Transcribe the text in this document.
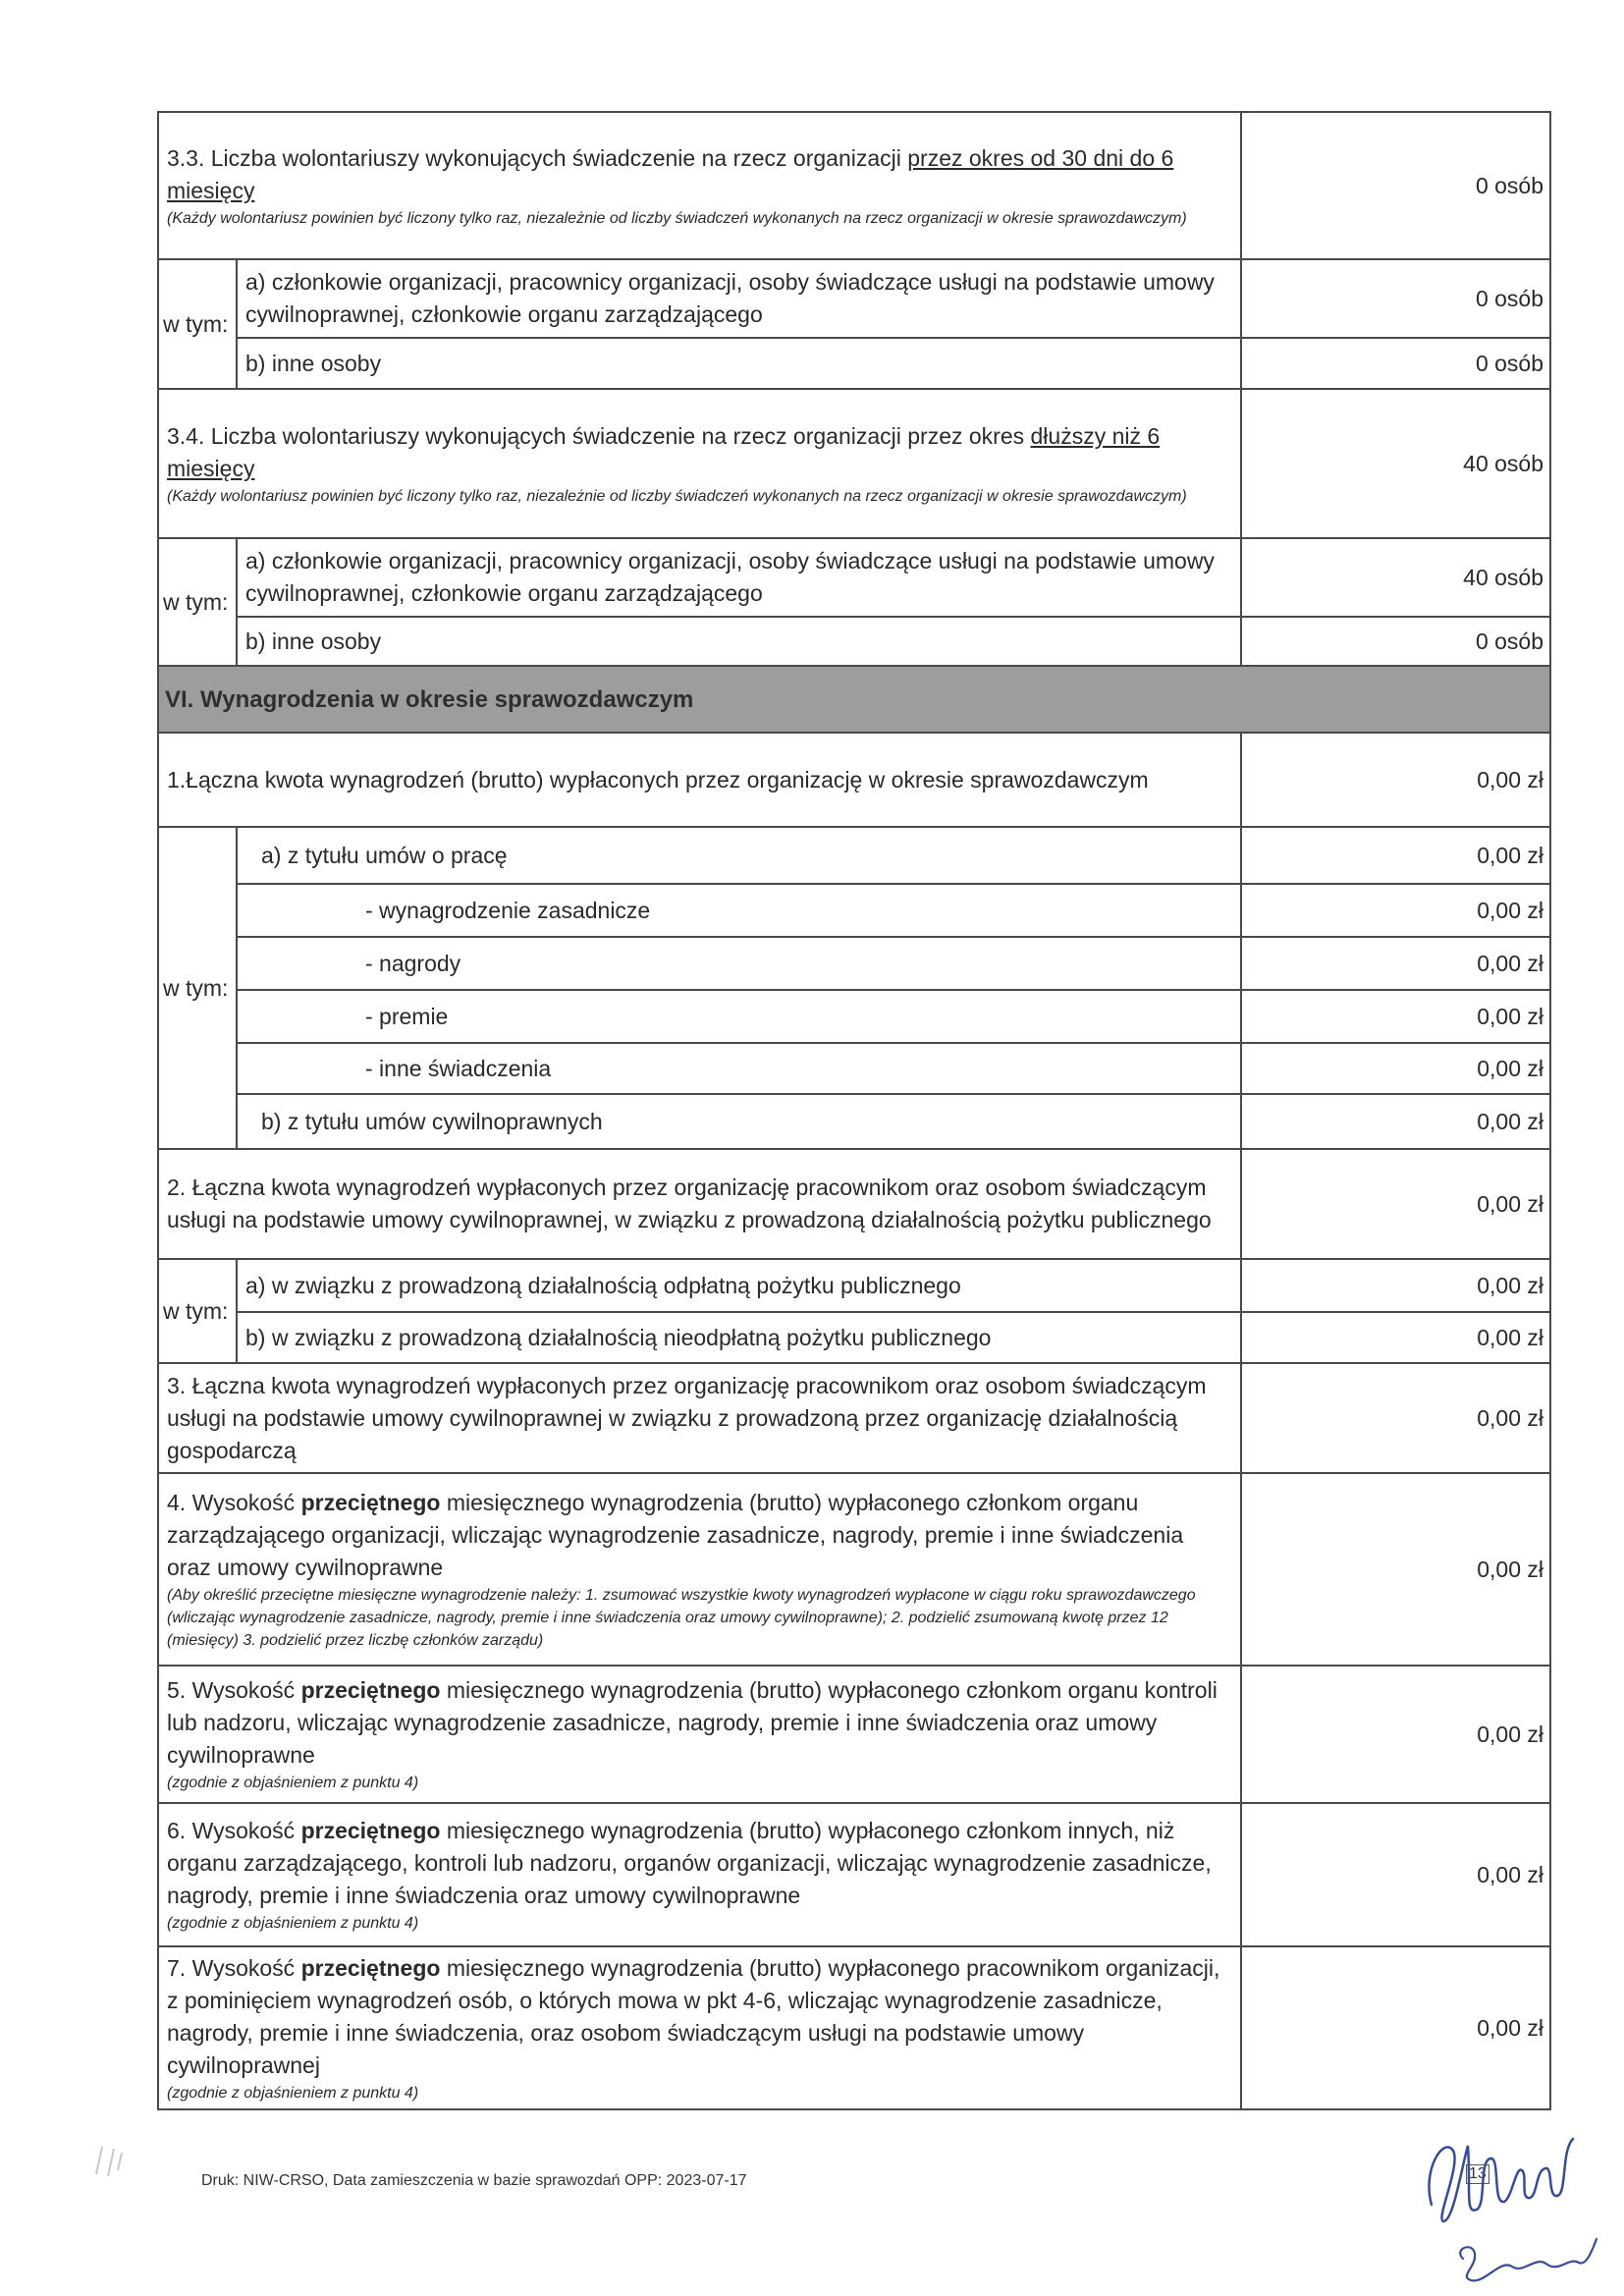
3.3. Liczba wolontariuszy wykonujących świadczenie na rzecz organizacji przez okres od 30 dni do 6 miesięcy
(Każdy wolontariusz powinien być liczony tylko raz, niezależnie od liczby świadczeń wykonanych na rzecz organizacji w okresie sprawozdawczym)		0 osób
w tym:	a) członkowie organizacji, pracownicy organizacji, osoby świadczące usługi na podstawie umowy cywilnoprawnej, członkowie organu zarządzającego	0 osób
	b) inne osoby	0 osób
3.4. Liczba wolontariuszy wykonujących świadczenie na rzecz organizacji przez okres dłuższy niż 6 miesięcy
(Każdy wolontariusz powinien być liczony tylko raz, niezależnie od liczby świadczeń wykonanych na rzecz organizacji w okresie sprawozdawczym)		40 osób
w tym:	a) członkowie organizacji, pracownicy organizacji, osoby świadczące usługi na podstawie umowy cywilnoprawnej, członkowie organu zarządzającego	40 osób
	b) inne osoby	0 osób
VI. Wynagrodzenia w okresie sprawozdawczym		
1.Łączna kwota wynagrodzeń (brutto) wypłaconych przez organizację w okresie sprawozdawczym		0,00 zł
w tym:	a) z tytułu umów o pracę	0,00 zł
	- wynagrodzenie zasadnicze	0,00 zł
	- nagrody	0,00 zł
	- premie	0,00 zł
	- inne świadczenia	0,00 zł
	b) z tytułu umów cywilnoprawnych	0,00 zł

2. Łączna kwota wynagrodzeń wypłaconych przez organizację pracownikom oraz osobom świadczącym usługi na podstawie umowy cywilnoprawnej, w związku z prowadzoną działalnością pożytku publicznego		0,00 zł
w tym:	a) w związku z prowadzoną działalnością odpłatną pożytku publicznego	0,00 zł
	b) w związku z prowadzoną działalnością nieodpłatną pożytku publicznego	0,00 zł
3. Łączna kwota wynagrodzeń wypłaconych przez organizację pracownikom oraz osobom świadczącym usługi na podstawie umowy cywilnoprawnej w związku z prowadzoną przez organizację działalnością gospodarczą		0,00 zł
4. Wysokość przeciętnego miesięcznego wynagrodzenia (brutto) wypłaconego członkom organu zarządzającego organizacji, wliczając wynagrodzenie zasadnicze, nagrody, premie i inne świadczenia oraz umowy cywilnoprawne
(Aby określić przeciętne miesięczne wynagrodzenie należy: 1. zsumować wszystkie kwoty wynagrodzeń wypłacone w ciągu roku sprawozdawczego (wliczając wynagrodzenie zasadnicze, nagrody, premie i inne świadczenia oraz umowy cywilnoprawne); 2. podzielić zsumowaną kwotę przez 12 (miesięcy) 3. podzielić przez liczbę członków zarządu)		0,00 zł
5. Wysokość przeciętnego miesięcznego wynagrodzenia (brutto) wypłaconego członkom organu kontroli lub nadzoru, wliczając wynagrodzenie zasadnicze, nagrody, premie i inne świadczenia oraz umowy cywilnoprawne
(zgodnie z objaśnieniem z punktu 4)		0,00 zł
6. Wysokość przeciętnego miesięcznego wynagrodzenia (brutto) wypłaconego członkom innych, niż organu zarządzającego, kontroli lub nadzoru, organów organizacji, wliczając wynagrodzenie zasadnicze, nagrody, premie i inne świadczenia oraz umowy cywilnoprawne
(zgodnie z objaśnieniem z punktu 4)		0,00 zł
7. Wysokość przeciętnego miesięcznego wynagrodzenia (brutto) wypłaconego pracownikom organizacji, z pominięciem wynagrodzeń osób, o których mowa w pkt 4-6, wliczając wynagrodzenie zasadnicze, nagrody, premie i inne świadczenia, oraz osobom świadczącym usługi na podstawie umowy cywilnoprawnej
(zgodnie z objaśnieniem z punktu 4)		0,00 zł
Druk: NIW-CRSO, Data zamieszczenia w bazie sprawozdań OPP: 2023-07-17	13
